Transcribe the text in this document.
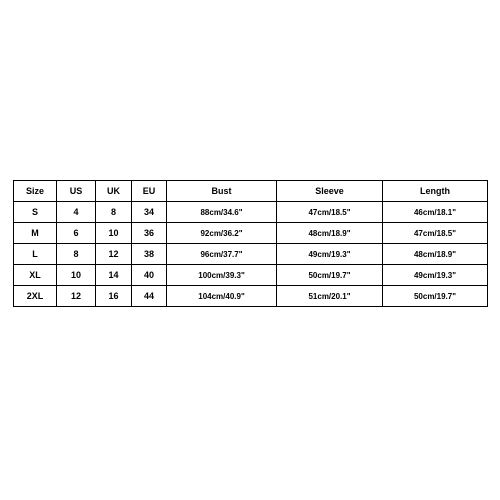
Size	US	UK	EU	Bust	Sleeve	Length
S	4	8	34	88cm/34.6"	47cm/18.5"	46cm/18.1"
M	6	10	36	92cm/36.2"	48cm/18.9"	47cm/18.5"
L	8	12	38	96cm/37.7"	49cm/19.3"	48cm/18.9"
XL	10	14	40	100cm/39.3"	50cm/19.7"	49cm/19.3"
2XL	12	16	44	104cm/40.9"	51cm/20.1"	50cm/19.7"
